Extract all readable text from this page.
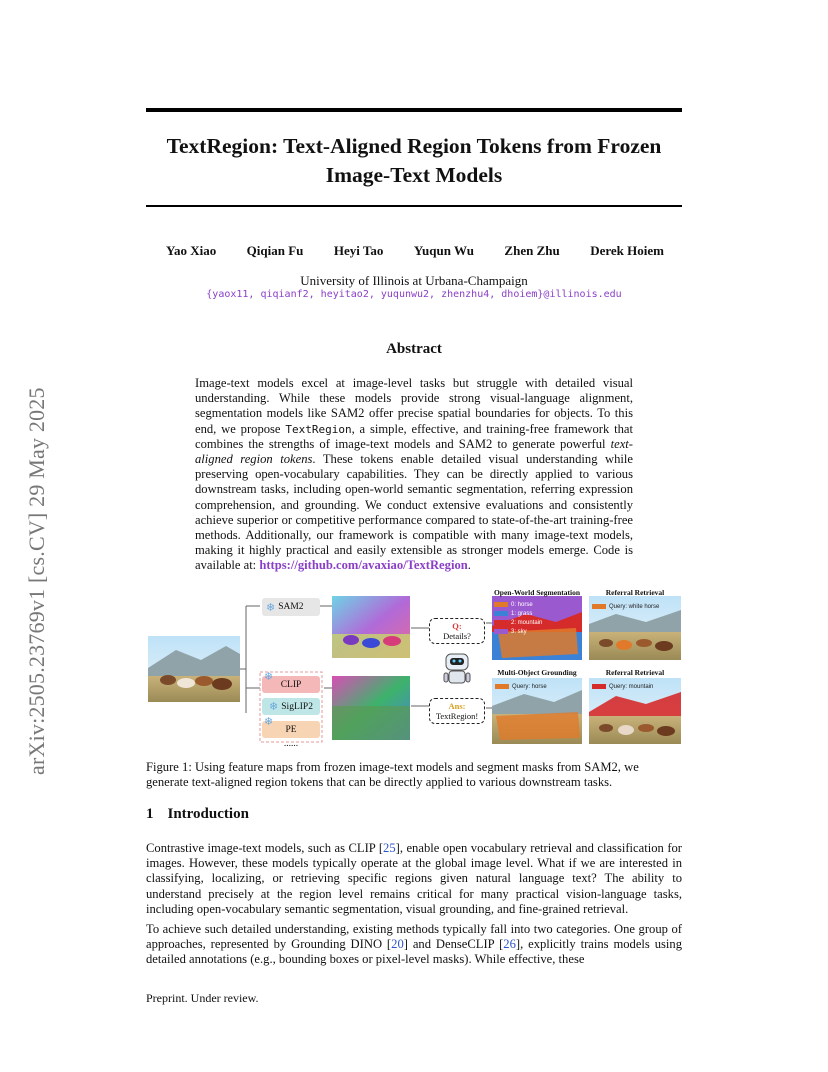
TextRegion: Text-Aligned Region Tokens from Frozen
Image-Text Models
Yao Xiao Qiqian Fu Heyi Tao Yuqun Wu Zhen Zhu Derek Hoiem
University of Illinois at Urbana-Champaign
{yaox11, qiqianf2, heyitao2, yuqunwu2, zhenzhu4, dhoiem}@illinois.edu
arXiv:2505.23769v1 [cs.CV] 29 May 2025
Abstract
Image-text models excel at image-level tasks but struggle with detailed visual understanding. While these models provide strong visual-language alignment, segmentation models like SAM2 offer precise spatial boundaries for objects. To this end, we propose TextRegion, a simple, effective, and training-free framework that combines the strengths of image-text models and SAM2 to generate powerful text-aligned region tokens. These tokens enable detailed visual understanding while preserving open-vocabulary capabilities. They can be directly applied to various downstream tasks, including open-world semantic segmentation, referring expression comprehension, and grounding. We conduct extensive evaluations and consistently achieve superior or competitive performance compared to state-of-the-art training-free methods. Additionally, our framework is compatible with many image-text models, making it highly practical and easily extensible as stronger models emerge. Code is available at: https://github.com/avaxiao/TextRegion.
❄ SAM2
❄
CLIP
❄ SigLIP2
❄
PE
......
Q:
Details?
Ans:
TextRegion!
Open-World Segmentation	Referral Retrieval
Multi-Object Grounding	Referral Retrieval
0: horse
1: grass
2: mountain
3: sky
Query: white horse
Query: horse	Query: mountain
Figure 1: Using feature maps from frozen image-text models and segment masks from SAM2, we generate text-aligned region tokens that can be directly applied to various downstream tasks.
1 Introduction
Contrastive image-text models, such as CLIP [25], enable open vocabulary retrieval and classification for images. However, these models typically operate at the global image level. What if we are interested in classifying, localizing, or retrieving specific regions given natural language text? The ability to understand precisely at the region level remains critical for many practical vision-language tasks, including open-vocabulary semantic segmentation, visual grounding, and fine-grained retrieval.
To achieve such detailed understanding, existing methods typically fall into two categories. One group of approaches, represented by Grounding DINO [20] and DenseCLIP [26], explicitly trains models using detailed annotations (e.g., bounding boxes or pixel-level masks). While effective, these
Preprint. Under review.
